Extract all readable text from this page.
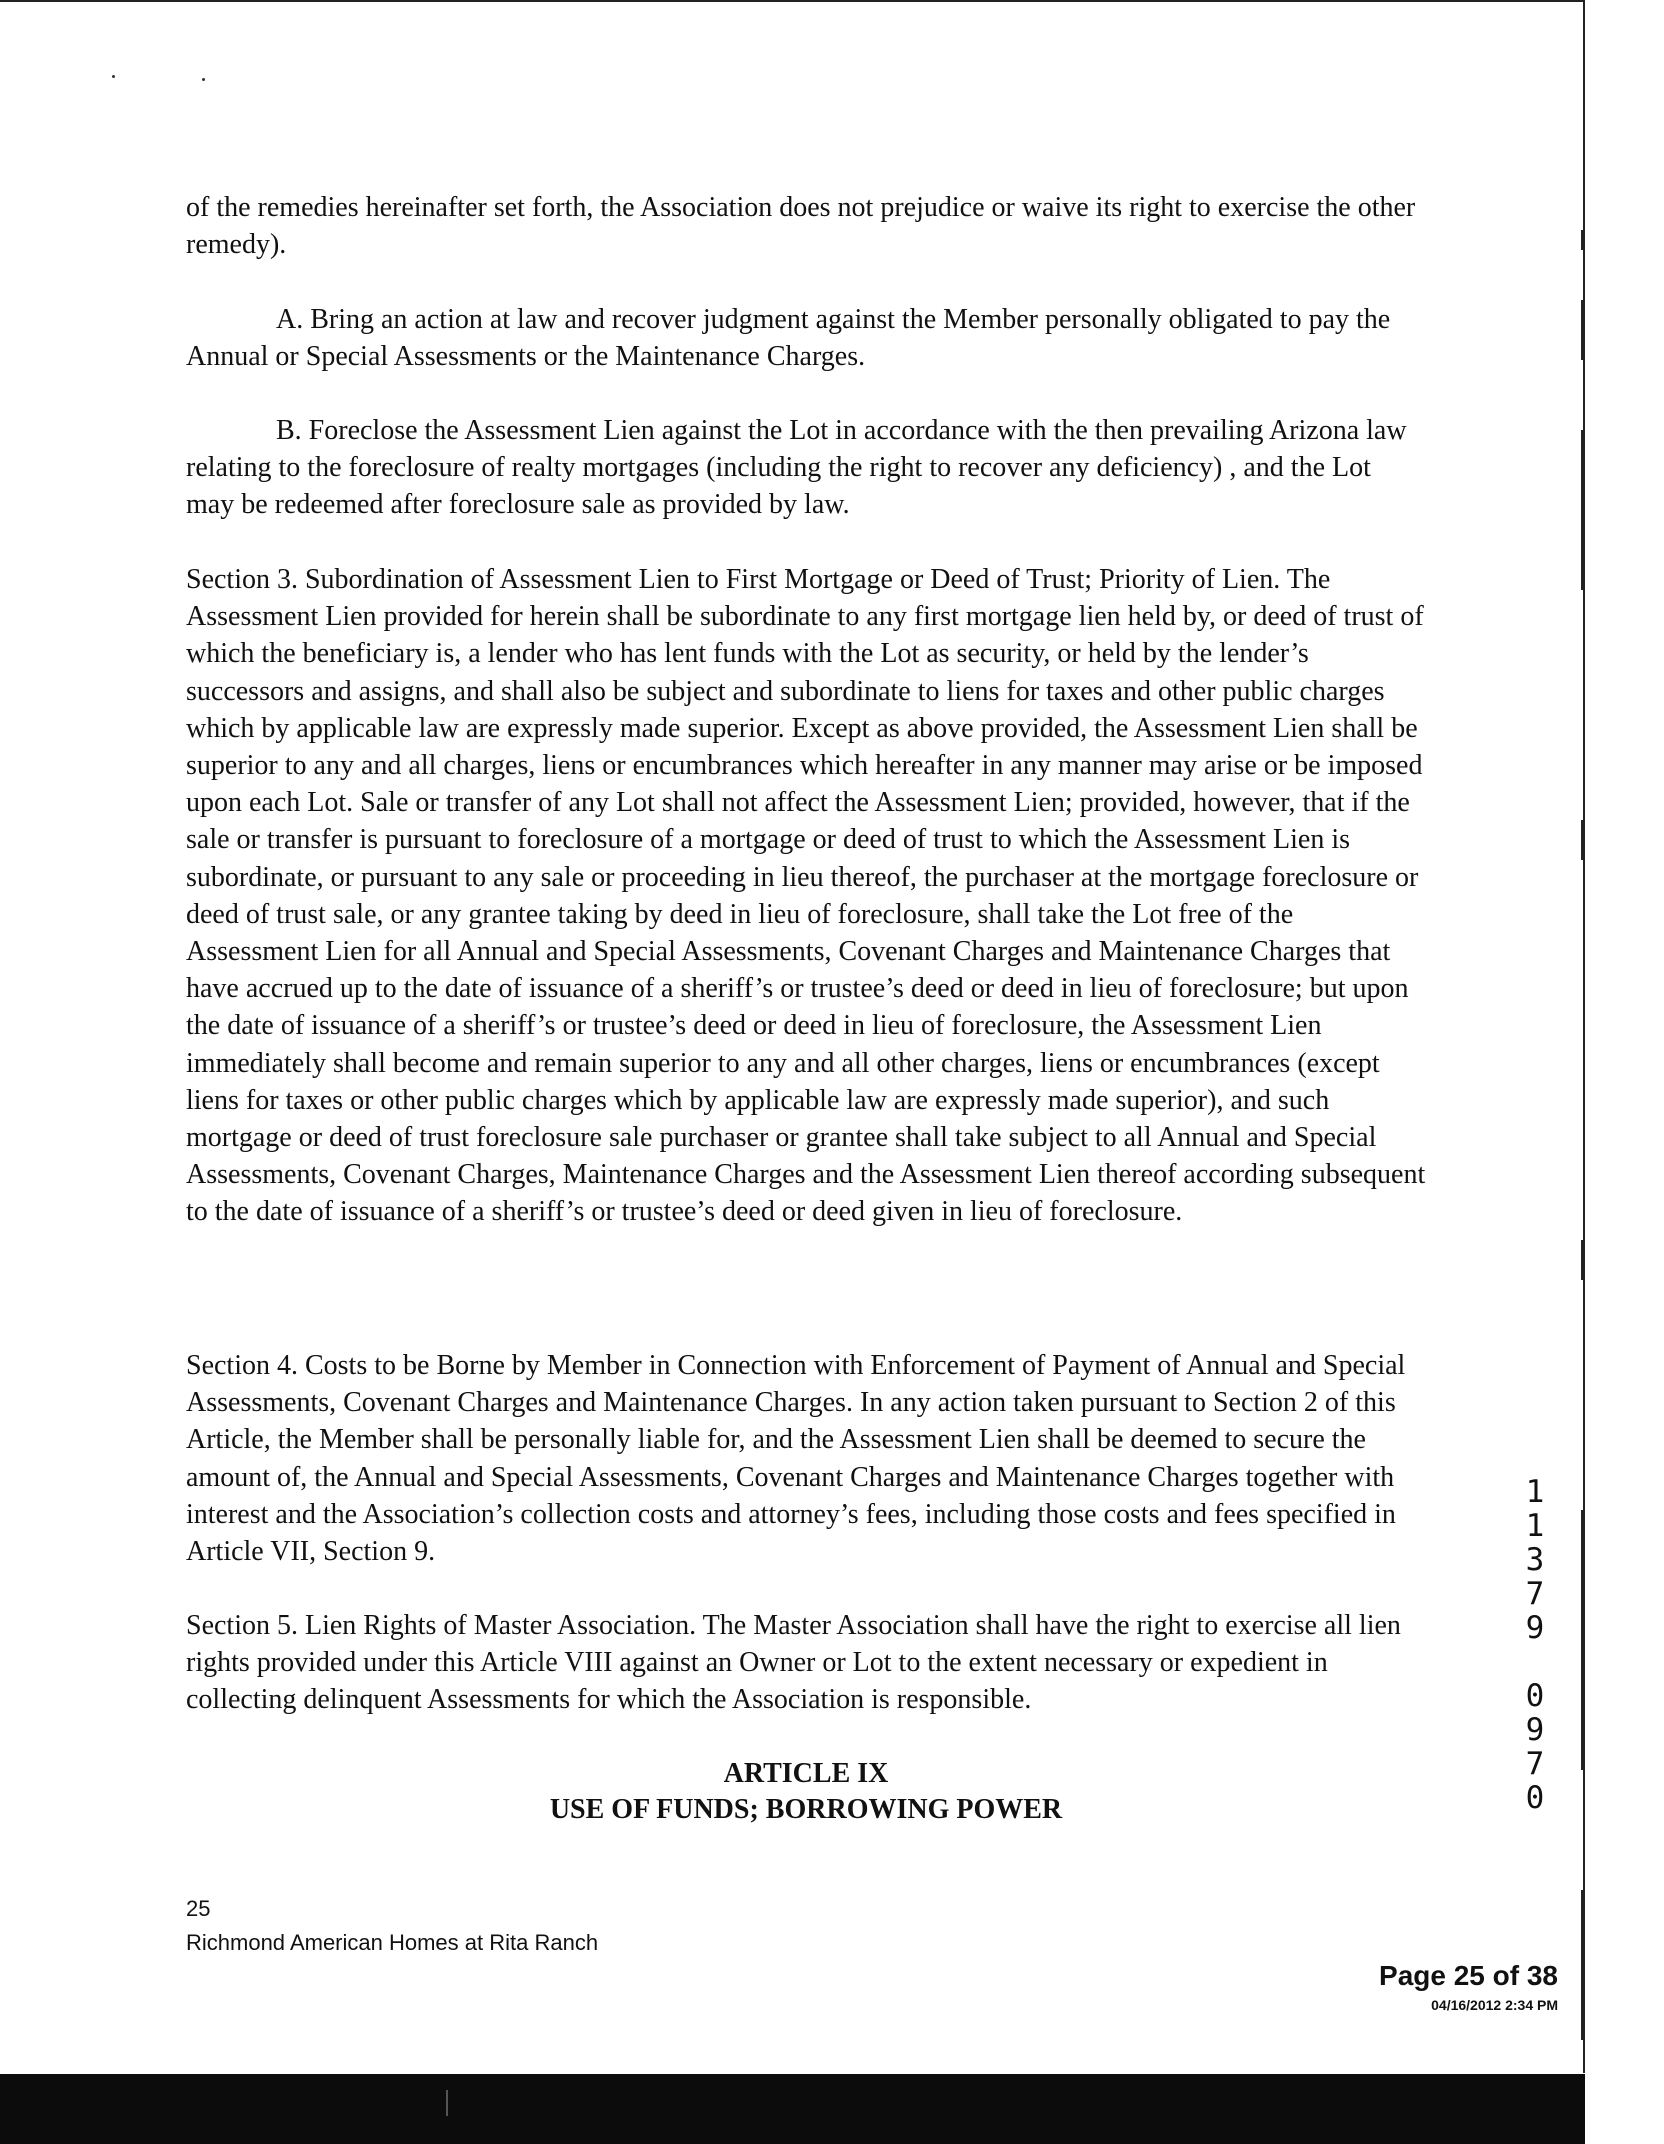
of the remedies hereinafter set forth, the Association does not prejudice or waive its right to exercise the other remedy).

A. Bring an action at law and recover judgment against the Member personally obligated to pay the Annual or Special Assessments or the Maintenance Charges.

B. Foreclose the Assessment Lien against the Lot in accordance with the then prevailing Arizona law relating to the foreclosure of realty mortgages (including the right to recover any deficiency) , and the Lot may be redeemed after foreclosure sale as provided by law.

Section 3. Subordination of Assessment Lien to First Mortgage or Deed of Trust; Priority of Lien. The Assessment Lien provided for herein shall be subordinate to any first mortgage lien held by, or deed of trust of which the beneficiary is, a lender who has lent funds with the Lot as security, or held by the lender’s successors and assigns, and shall also be subject and subordinate to liens for taxes and other public charges which by applicable law are expressly made superior. Except as above provided, the Assessment Lien shall be superior to any and all charges, liens or encumbrances which hereafter in any manner may arise or be imposed upon each Lot. Sale or transfer of any Lot shall not affect the Assessment Lien; provided, however, that if the sale or transfer is pursuant to foreclosure of a mortgage or deed of trust to which the Assessment Lien is subordinate, or pursuant to any sale or proceeding in lieu thereof, the purchaser at the mortgage foreclosure or deed of trust sale, or any grantee taking by deed in lieu of foreclosure, shall take the Lot free of the Assessment Lien for all Annual and Special Assessments, Covenant Charges and Maintenance Charges that have accrued up to the date of issuance of a sheriff’s or trustee’s deed or deed in lieu of foreclosure; but upon the date of issuance of a sheriff’s or trustee’s deed or deed in lieu of foreclosure, the Assessment Lien immediately shall become and remain superior to any and all other charges, liens or encumbrances (except liens for taxes or other public charges which by applicable law are expressly made superior), and such mortgage or deed of trust foreclosure sale purchaser or grantee shall take subject to all Annual and Special Assessments, Covenant Charges, Maintenance Charges and the Assessment Lien thereof according subsequent to the date of issuance of a sheriff’s or trustee’s deed or deed given in lieu of foreclosure.

Section 4. Costs to be Borne by Member in Connection with Enforcement of Payment of Annual and Special Assessments, Covenant Charges and Maintenance Charges. In any action taken pursuant to Section 2 of this Article, the Member shall be personally liable for, and the Assessment Lien shall be deemed to secure the amount of, the Annual and Special Assessments, Covenant Charges and Maintenance Charges together with interest and the Association’s collection costs and attorney’s fees, including those costs and fees specified in Article VII, Section 9.

Section 5. Lien Rights of Master Association. The Master Association shall have the right to exercise all lien rights provided under this Article VIII against an Owner or Lot to the extent necessary or expedient in collecting delinquent Assessments for which the Association is responsible.

ARTICLE IX

USE OF FUNDS; BORROWING POWER

25
Richmond American Homes at Rita Ranch
1
1
3
7
9
0
9
7
0
Page 25 of 38
04/16/2012 2:34 PM
